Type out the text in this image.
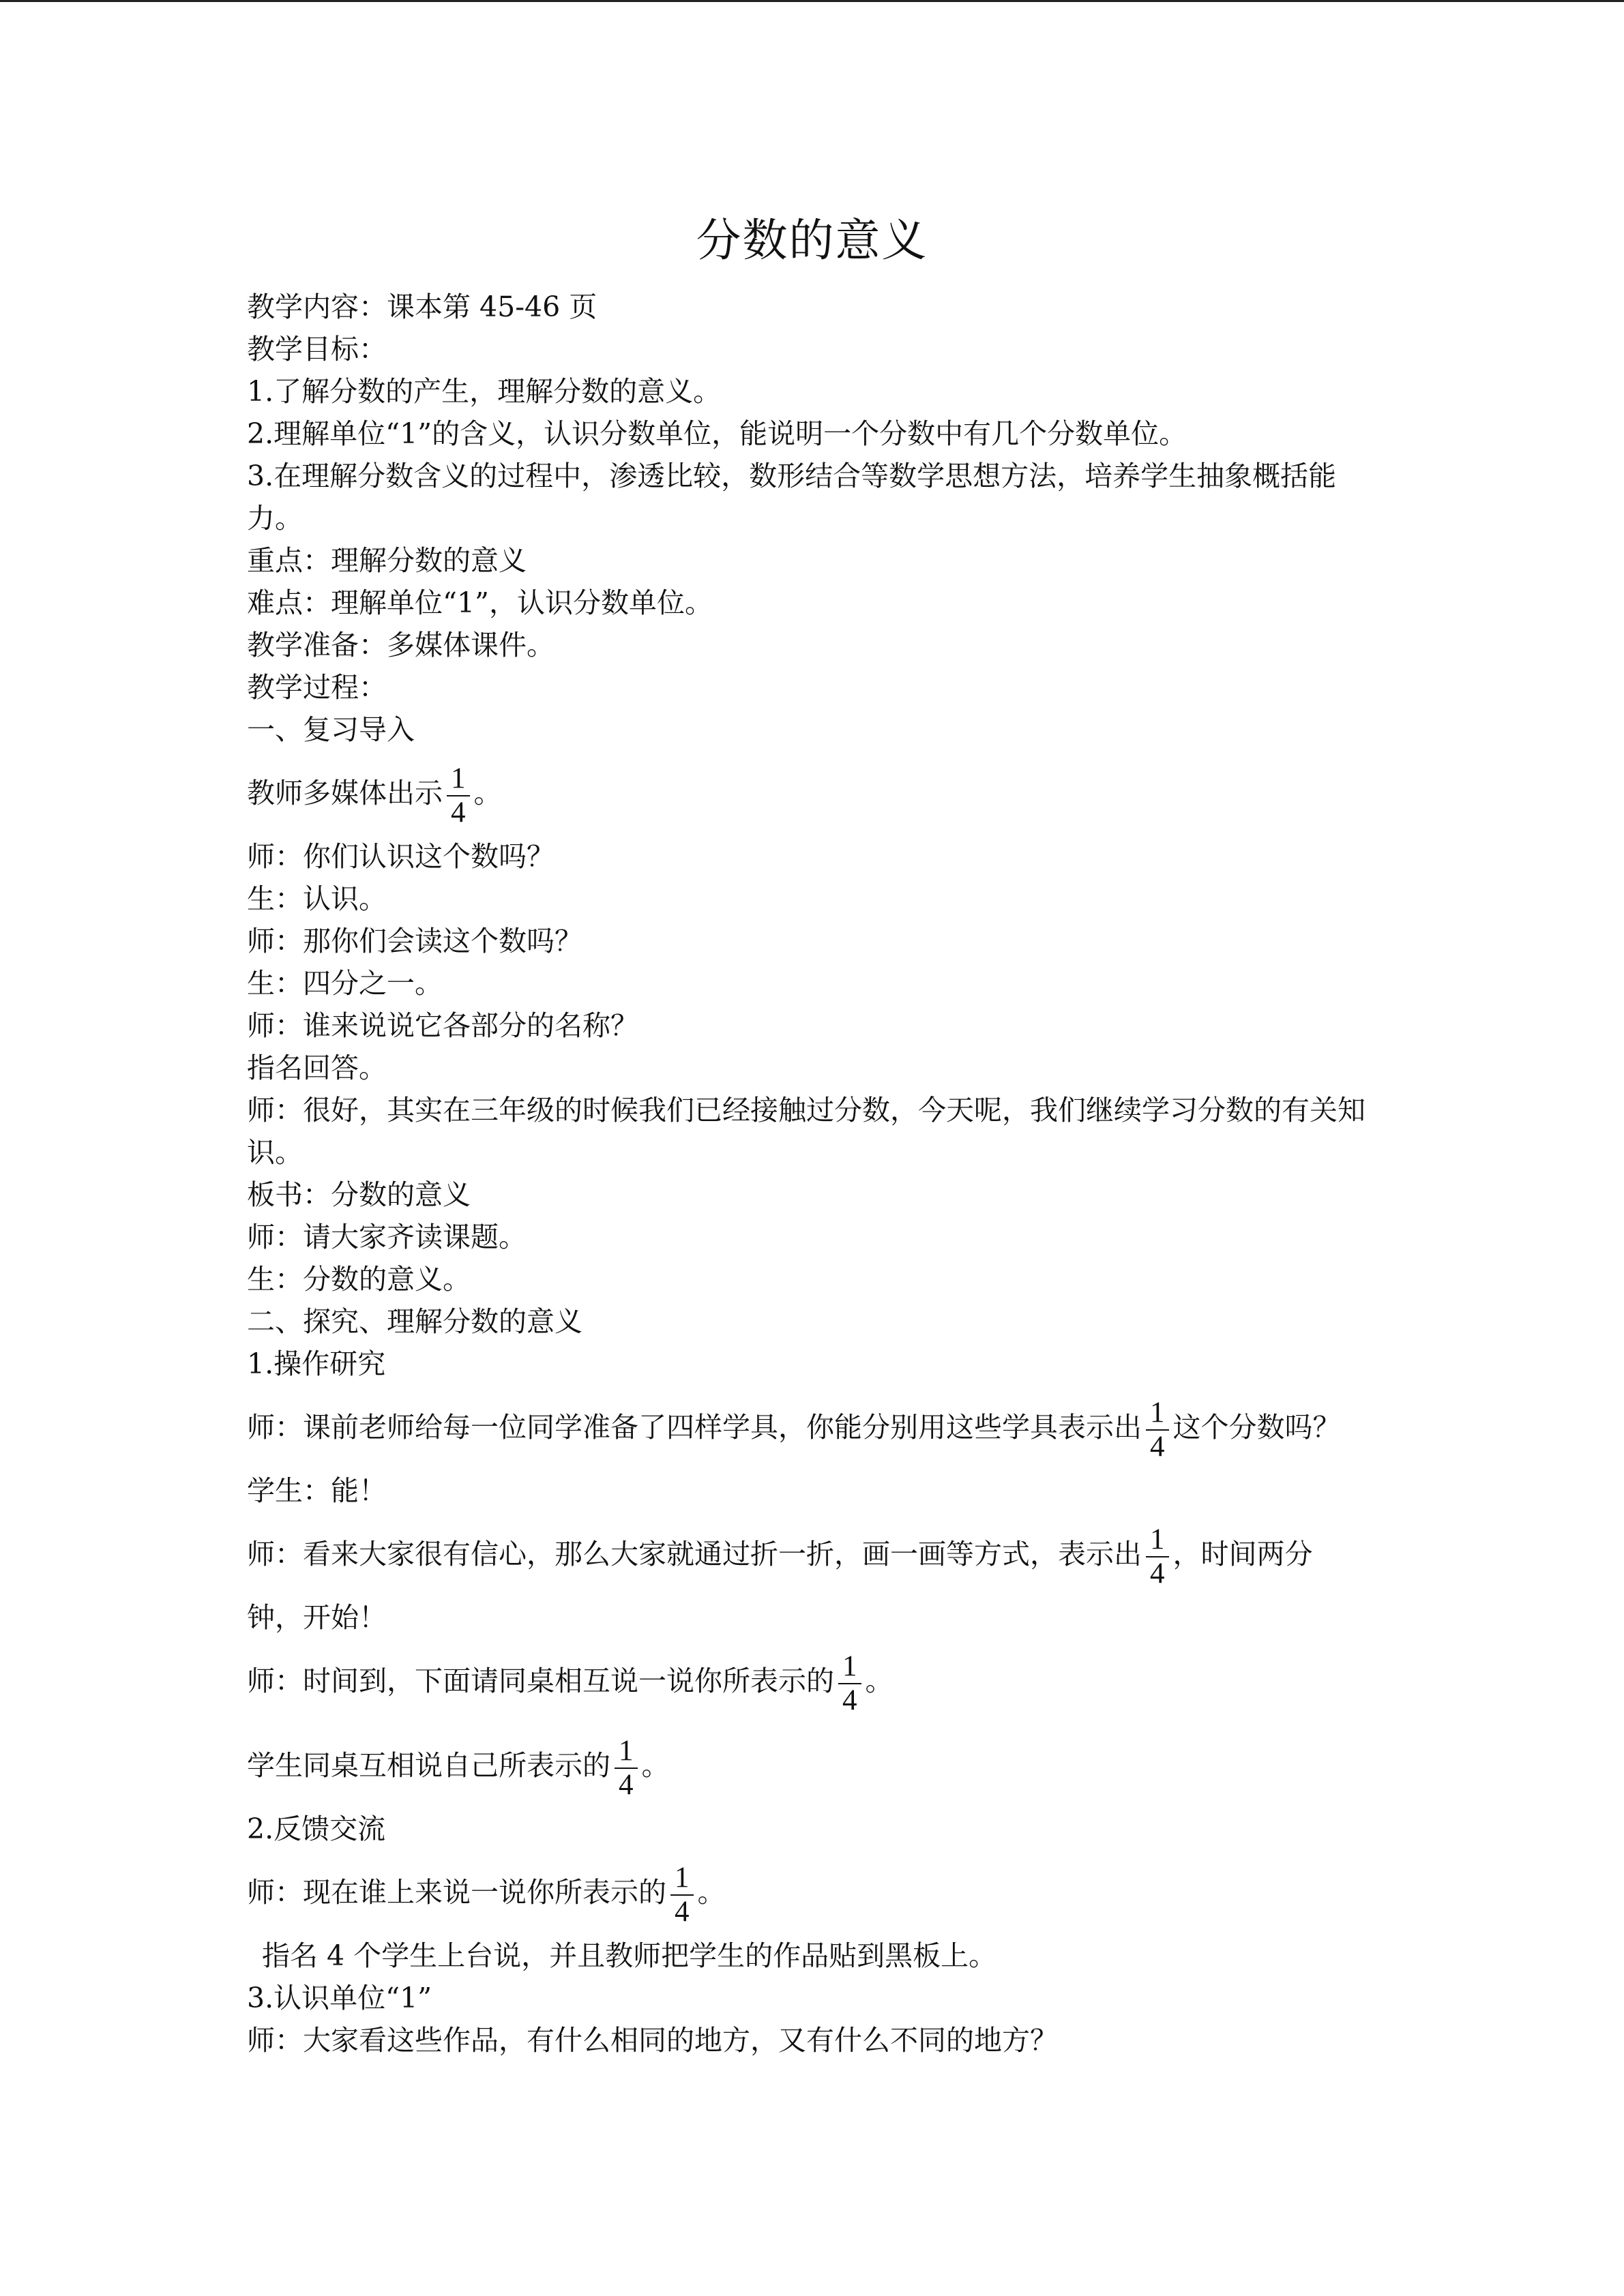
分数的意义
教学内容：课本第 45-46 页
教学目标：
1.了解分数的产生，理解分数的意义。
2.理解单位“1”的含义，认识分数单位，能说明一个分数中有几个分数单位。
3.在理解分数含义的过程中，渗透比较，数形结合等数学思想方法，培养学生抽象概括能力。
重点：理解分数的意义
难点：理解单位“1”，认识分数单位。
教学准备：多媒体课件。
教学过程：
一、复习导入
教师多媒体出示 $\frac{1}{4}$ 。
师：你们认识这个数吗？
生：认识。
师：那你们会读这个数吗？
生：四分之一。
师：谁来说说它各部分的名称？
指名回答。
师：很好，其实在三年级的时候我们已经接触过分数，今天呢，我们继续学习分数的有关知识。
板书：分数的意义
师：请大家齐读课题。
生：分数的意义。
二、探究、理解分数的意义
1.操作研究
师：课前老师给每一位同学准备了四样学具，你能分别用这些学具表示出 $\frac{1}{4}$ 这个分数吗？
学生：能！
师：看来大家很有信心，那么大家就通过折一折，画一画等方式，表示出 $\frac{1}{4}$ ，时间两分
钟，开始！
师：时间到，下面请同桌相互说一说你所表示的 $\frac{1}{4}$ 。
学生同桌互相说自己所表示的 $\frac{1}{4}$ 。
2.反馈交流
师：现在谁上来说一说你所表示的 $\frac{1}{4}$ 。
指名 4 个学生上台说，并且教师把学生的作品贴到黑板上。
3.认识单位“1”
师：大家看这些作品，有什么相同的地方，又有什么不同的地方？
